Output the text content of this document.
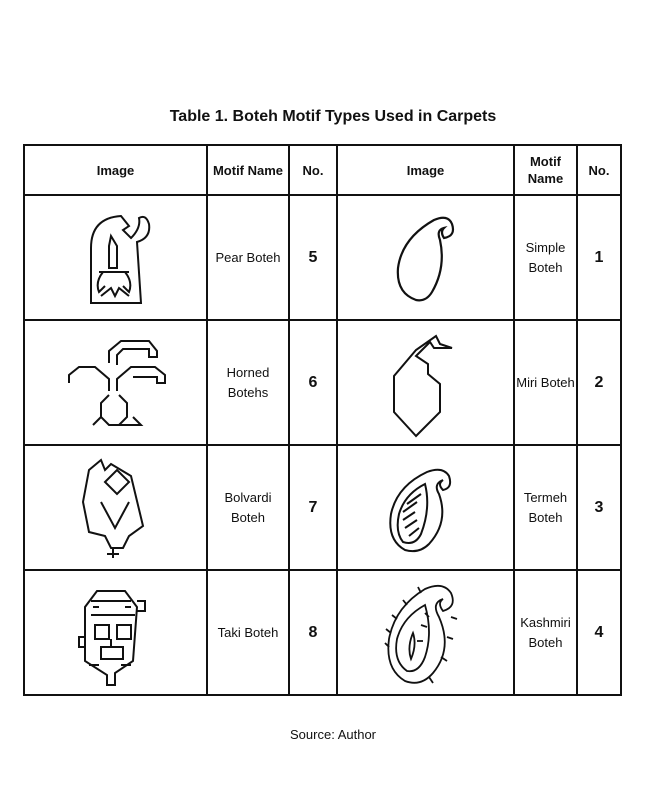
Table 1. Boteh Motif Types Used in Carpets
Image	Motif Name	No.	Image	Motif Name	No.

	Pear Boteh	5		Simple Boteh	1

	Horned Botehs	6		Miri Boteh	2

	Bolvardi Boteh	7		Termeh Boteh	3

	Taki Boteh	8		Kashmiri Boteh	4
Source: Author
